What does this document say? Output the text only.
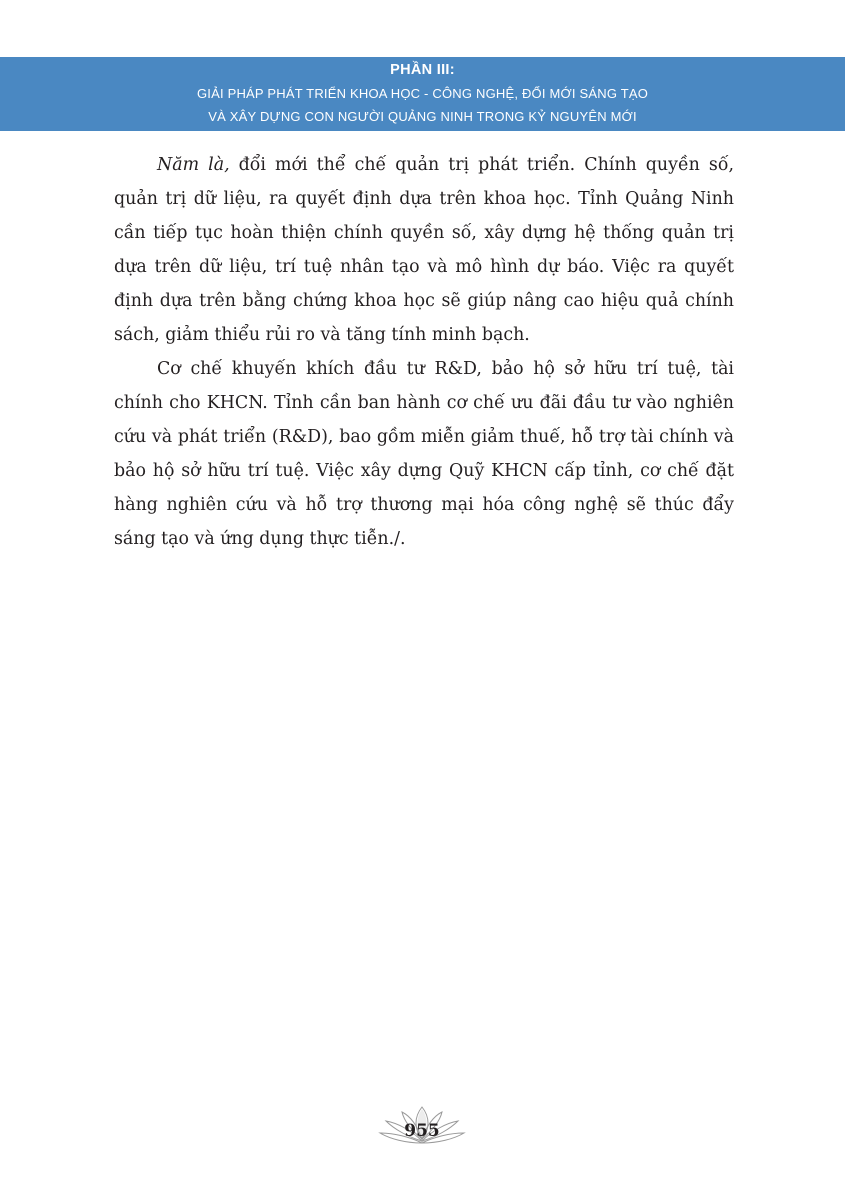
PHẦN III:
GIẢI PHÁP PHÁT TRIỂN KHOA HỌC - CÔNG NGHỆ, ĐỔI MỚI SÁNG TẠO
VÀ XÂY DỰNG CON NGƯỜI QUẢNG NINH TRONG KỶ NGUYÊN MỚI

Năm là, đổi mới thể chế quản trị phát triển. Chính quyền số, quản trị dữ liệu, ra quyết định dựa trên khoa học. Tỉnh Quảng Ninh cần tiếp tục hoàn thiện chính quyền số, xây dựng hệ thống quản trị dựa trên dữ liệu, trí tuệ nhân tạo và mô hình dự báo. Việc ra quyết định dựa trên bằng chứng khoa học sẽ giúp nâng cao hiệu quả chính sách, giảm thiểu rủi ro và tăng tính minh bạch.

Cơ chế khuyến khích đầu tư R&D, bảo hộ sở hữu trí tuệ, tài chính cho KHCN. Tỉnh cần ban hành cơ chế ưu đãi đầu tư vào nghiên cứu và phát triển (R&D), bao gồm miễn giảm thuế, hỗ trợ tài chính và bảo hộ sở hữu trí tuệ. Việc xây dựng Quỹ KHCN cấp tỉnh, cơ chế đặt hàng nghiên cứu và hỗ trợ thương mại hóa công nghệ sẽ thúc đẩy sáng tạo và ứng dụng thực tiễn./.

955
